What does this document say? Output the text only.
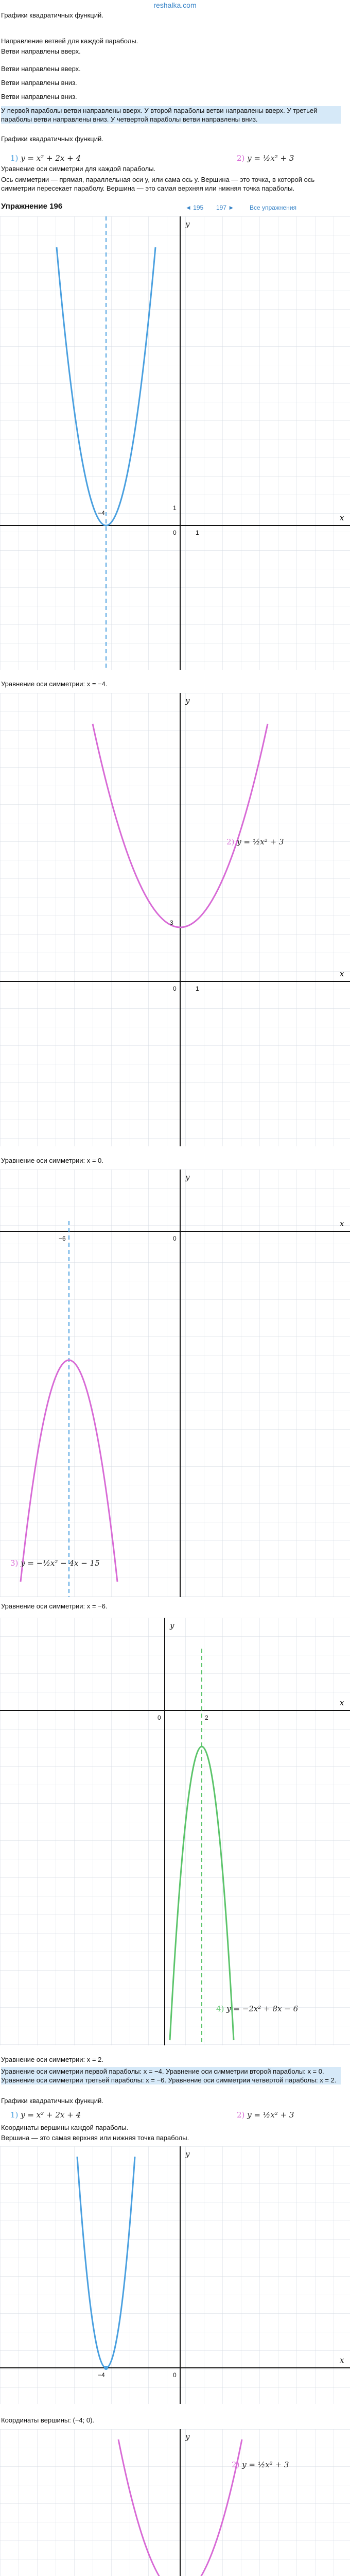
reshalka.com
Графики квадратичных функций.
Направление ветвей для каждой параболы.
Ветви направлены вверх.
Ветви направлены вверх.
Ветви направлены вниз.
Ветви направлены вниз.
У первой параболы ветви направлены вверх. У второй параболы ветви направлены вверх. У третьей параболы ветви направлены вниз. У четвертой параболы ветви направлены вниз.
Графики квадратичных функций.
1) y = x² + 2x + 4	2) y = ½x² + 3
Уравнение оси симметрии для каждой параболы.
Ось симметрии — прямая, параллельная оси y, или сама ось y. Вершина — это точка, в которой ось симметрии пересекает параболу. Вершина — это самая верхняя или нижняя точка параболы.
Упражнение 196	◄ 195 197 ► Все упражнения
y
x
0	1
1
−4
Уравнение оси симметрии: x = −4.
y
x
0	1
3
2) y = ½x² + 3
Уравнение оси симметрии: x = 0.
y
x
0
−6
3) y = −½x² − 4x − 15
Уравнение оси симметрии: x = −6.
y
x
0	2
4) y = −2x² + 8x − 6
Уравнение оси симметрии: x = 2.
Уравнение оси симметрии первой параболы: x = −4. Уравнение оси симметрии второй параболы: x = 0. Уравнение оси симметрии третьей параболы: x = −6. Уравнение оси симметрии четвертой параболы: x = 2.
Графики квадратичных функций.
1) y = x² + 2x + 4	2) y = ½x² + 3
Координаты вершины каждой параболы.
Вершина — это самая верхняя или нижняя точка параболы.
y
x
0
−4
Координаты вершины: (−4; 0).
y
2) y = ½x² + 3
